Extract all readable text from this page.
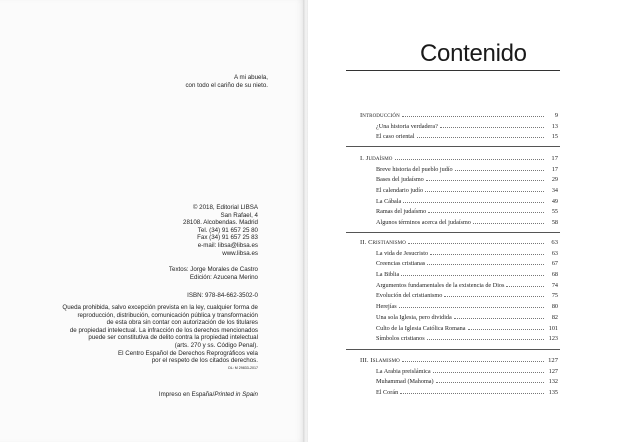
A mi abuela,
con todo el cariño de su nieto.
© 2018, Editorial LIBSA
San Rafael, 4
28108. Alcobendas. Madrid
Tel. (34) 91 657 25 80
Fax (34) 91 657 25 83
e-mail: libsa@libsa.es
www.libsa.es
Textos: Jorge Morales de Castro
Edición: Azucena Merino
ISBN: 978-84-662-3502-0
Queda prohibida, salvo excepción prevista en la ley, cualquier forma de
reproducción, distribución, comunicación pública y transformación
de esta obra sin contar con autorización de los titulares
de propiedad intelectual. La infracción de los derechos mencionados
puede ser constitutiva de delito contra la propiedad intelectual
(arts. 270 y ss. Código Penal).
El Centro Español de Derechos Reprográficos vela
por el respeto de los citados derechos.
DL: M 29833-2017
Impreso en España/Printed in Spain
Contenido
Introducción	9
¿Una historia verdadera?	13
El caso oriental	15
I. Judaísmo	17
Breve historia del pueblo judío	17
Bases del judaísmo	29
El calendario judío	34
La Cábala	49
Ramas del judaísmo	55
Algunos términos acerca del judaísmo	58
II. Cristianismo	63
La vida de Jesucristo	63
Creencias cristianas	67
La Biblia	68
Argumentos fundamentales de la existencia de Dios	74
Evolución del cristianismo	75
Herejías	80
Una sola Iglesia, pero dividida	82
Culto de la Iglesia Católica Romana	101
Símbolos cristianos	123
III. Islamismo	127
La Arabia preislámica	127
Muhammad (Mahoma)	132
El Corán	135
